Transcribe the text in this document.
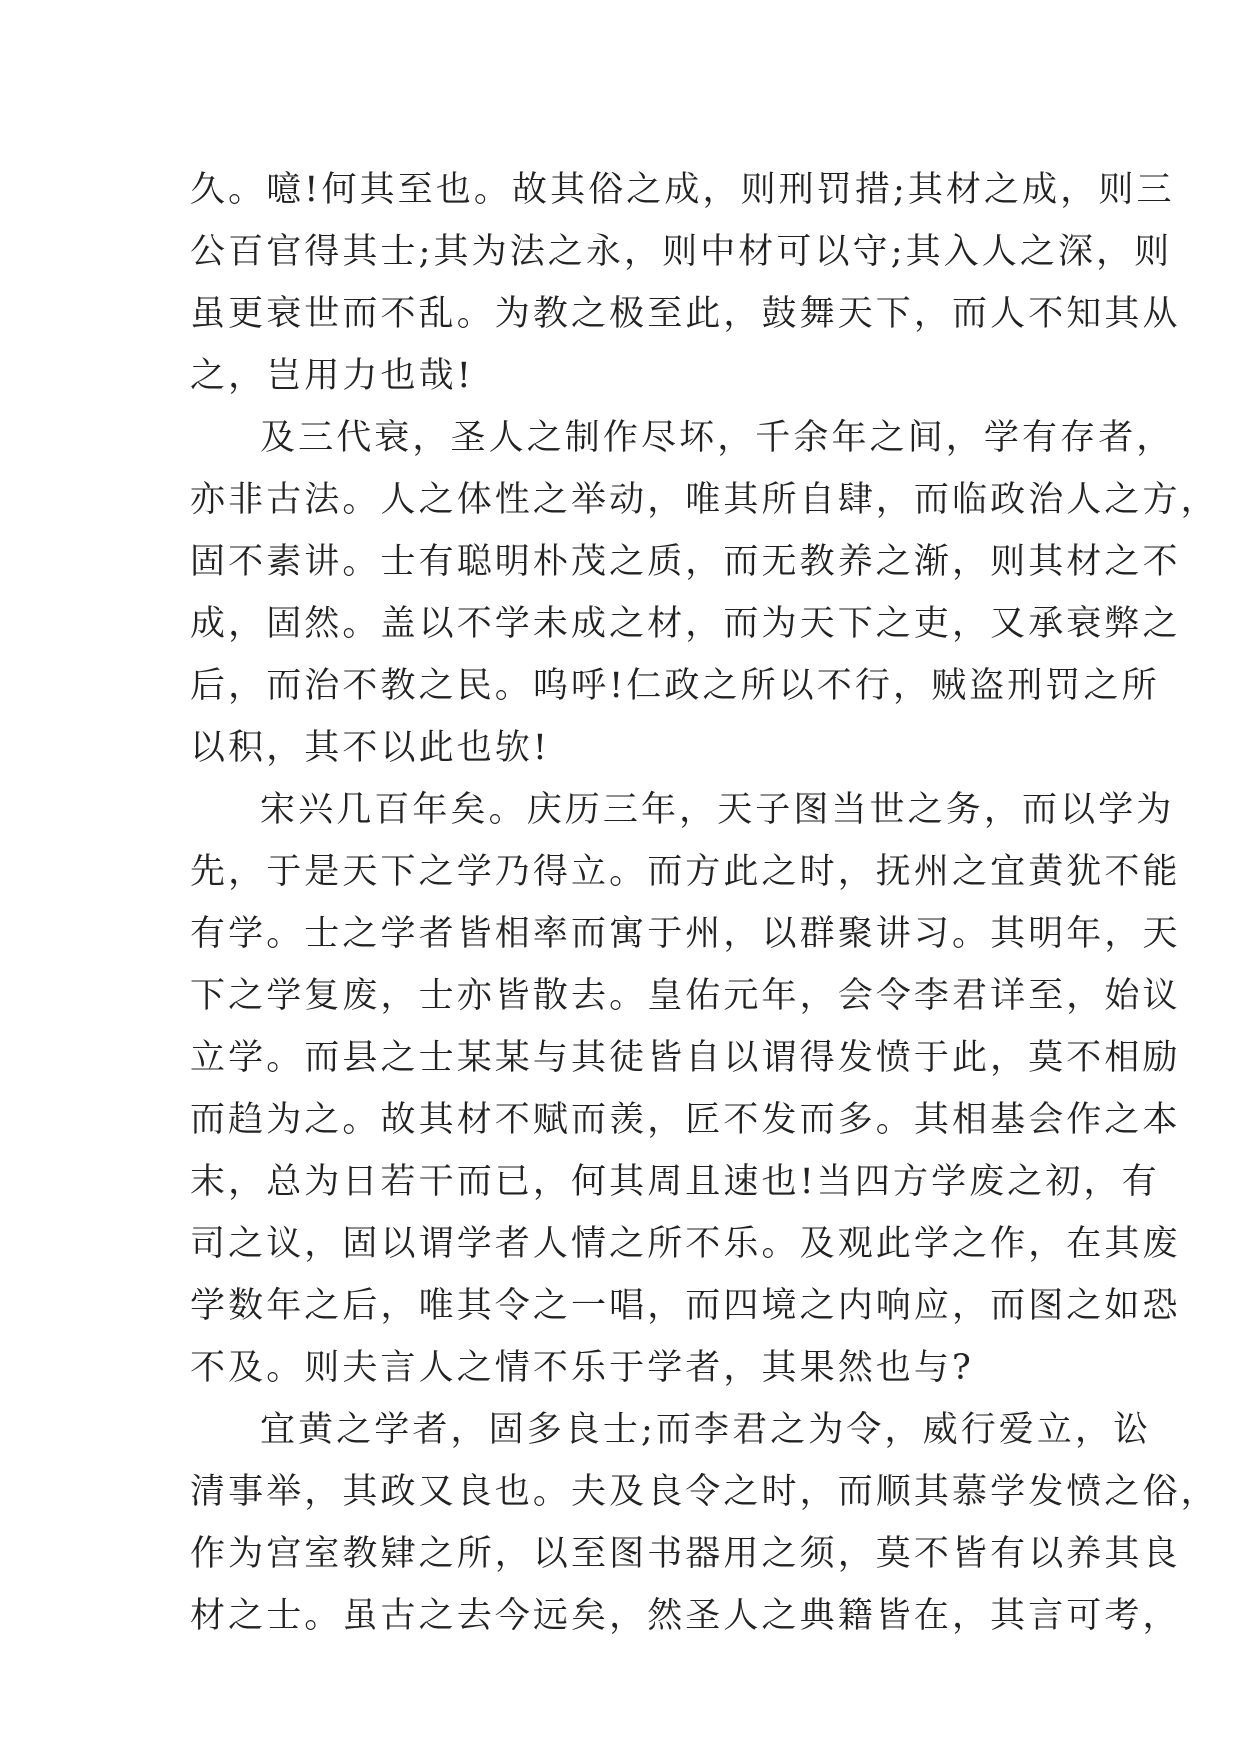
久。噫!何其至也。故其俗之成，则刑罚措;其材之成，则三
公百官得其士;其为法之永，则中材可以守;其入人之深，则
虽更衰世而不乱。为教之极至此，鼓舞天下，而人不知其从
之，岂用力也哉!
及三代衰，圣人之制作尽坏，千余年之间，学有存者，
亦非古法。人之体性之举动，唯其所自肆，而临政治人之方，
固不素讲。士有聪明朴茂之质，而无教养之渐，则其材之不
成，固然。盖以不学未成之材，而为天下之吏，又承衰弊之
后，而治不教之民。呜呼!仁政之所以不行，贼盗刑罚之所
以积，其不以此也欤!
宋兴几百年矣。庆历三年，天子图当世之务，而以学为
先，于是天下之学乃得立。而方此之时，抚州之宜黄犹不能
有学。士之学者皆相率而寓于州，以群聚讲习。其明年，天
下之学复废，士亦皆散去。皇佑元年，会令李君详至，始议
立学。而县之士某某与其徒皆自以谓得发愤于此，莫不相励
而趋为之。故其材不赋而羡，匠不发而多。其相基会作之本
末，总为日若干而已，何其周且速也!当四方学废之初，有
司之议，固以谓学者人情之所不乐。及观此学之作，在其废
学数年之后，唯其令之一唱，而四境之内响应，而图之如恐
不及。则夫言人之情不乐于学者，其果然也与?
宜黄之学者，固多良士;而李君之为令，威行爱立，讼
清事举，其政又良也。夫及良令之时，而顺其慕学发愤之俗，
作为宫室教肄之所，以至图书器用之须，莫不皆有以养其良
材之士。虽古之去今远矣，然圣人之典籍皆在，其言可考，
